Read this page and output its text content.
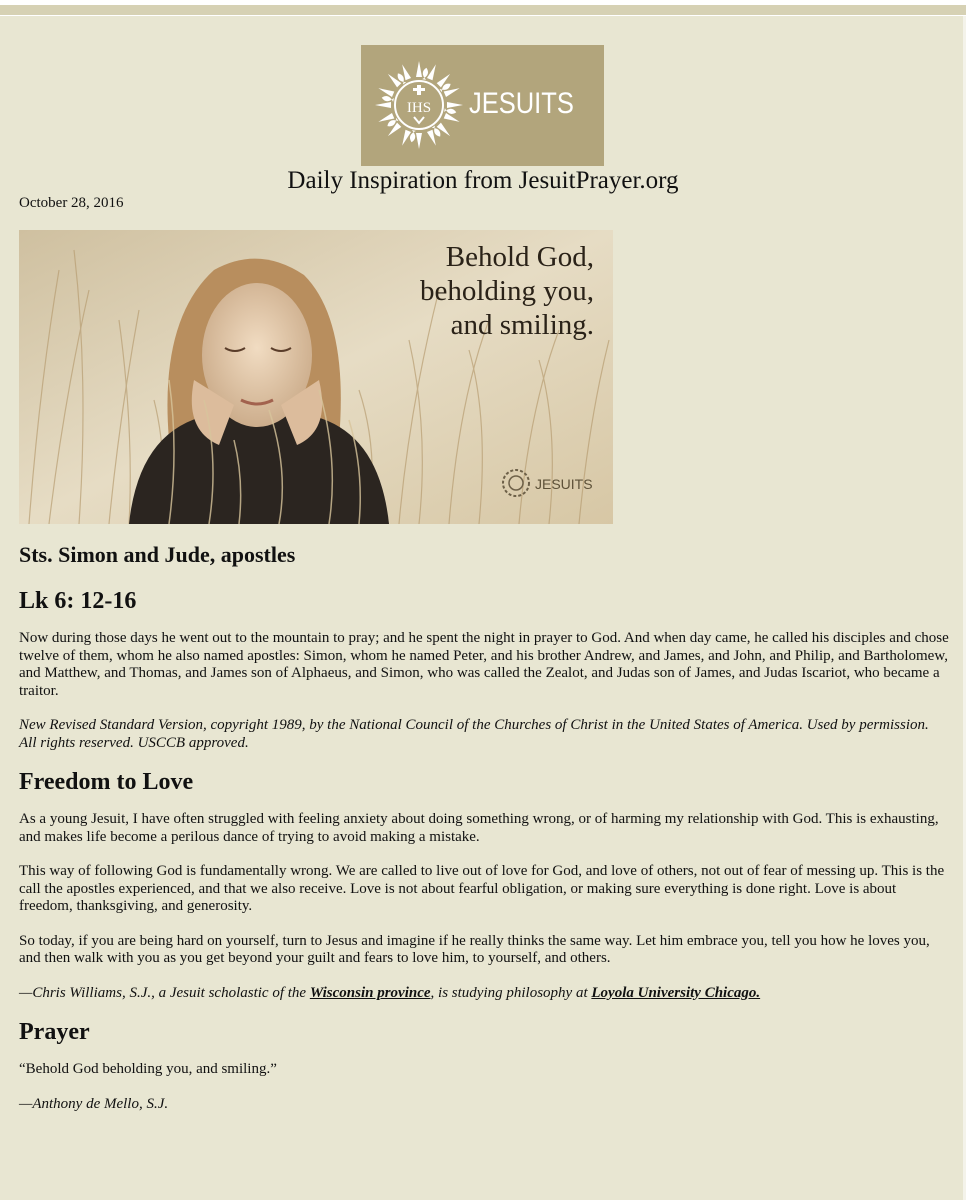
IHS JESUITS
Daily Inspiration from JesuitPrayer.org
October 28, 2016
Behold God,
beholding you,
and smiling.
JESUITS
Sts. Simon and Jude, apostles
Lk 6: 12-16

Now during those days he went out to the mountain to pray; and he spent the night in prayer to God. And when day came, he called his disciples and chose twelve of them, whom he also named apostles: Simon, whom he named Peter, and his brother Andrew, and James, and John, and Philip, and Bartholomew, and Matthew, and Thomas, and James son of Alphaeus, and Simon, who was called the Zealot, and Judas son of James, and Judas Iscariot, who became a traitor.

New Revised Standard Version, copyright 1989, by the National Council of the Churches of Christ in the United States of America. Used by permission. All rights reserved. USCCB approved.

Freedom to Love

As a young Jesuit, I have often struggled with feeling anxiety about doing something wrong, or of harming my relationship with God. This is exhausting, and makes life become a perilous dance of trying to avoid making a mistake.

This way of following God is fundamentally wrong. We are called to live out of love for God, and love of others, not out of fear of messing up. This is the call the apostles experienced, and that we also receive. Love is not about fearful obligation, or making sure everything is done right. Love is about freedom, thanksgiving, and generosity.

So today, if you are being hard on yourself, turn to Jesus and imagine if he really thinks the same way. Let him embrace you, tell you how he loves you, and then walk with you as you get beyond your guilt and fears to love him, to yourself, and others.

—Chris Williams, S.J., a Jesuit scholastic of the Wisconsin province, is studying philosophy at Loyola University Chicago.

Prayer

“Behold God beholding you, and smiling.”

—Anthony de Mello, S.J.
